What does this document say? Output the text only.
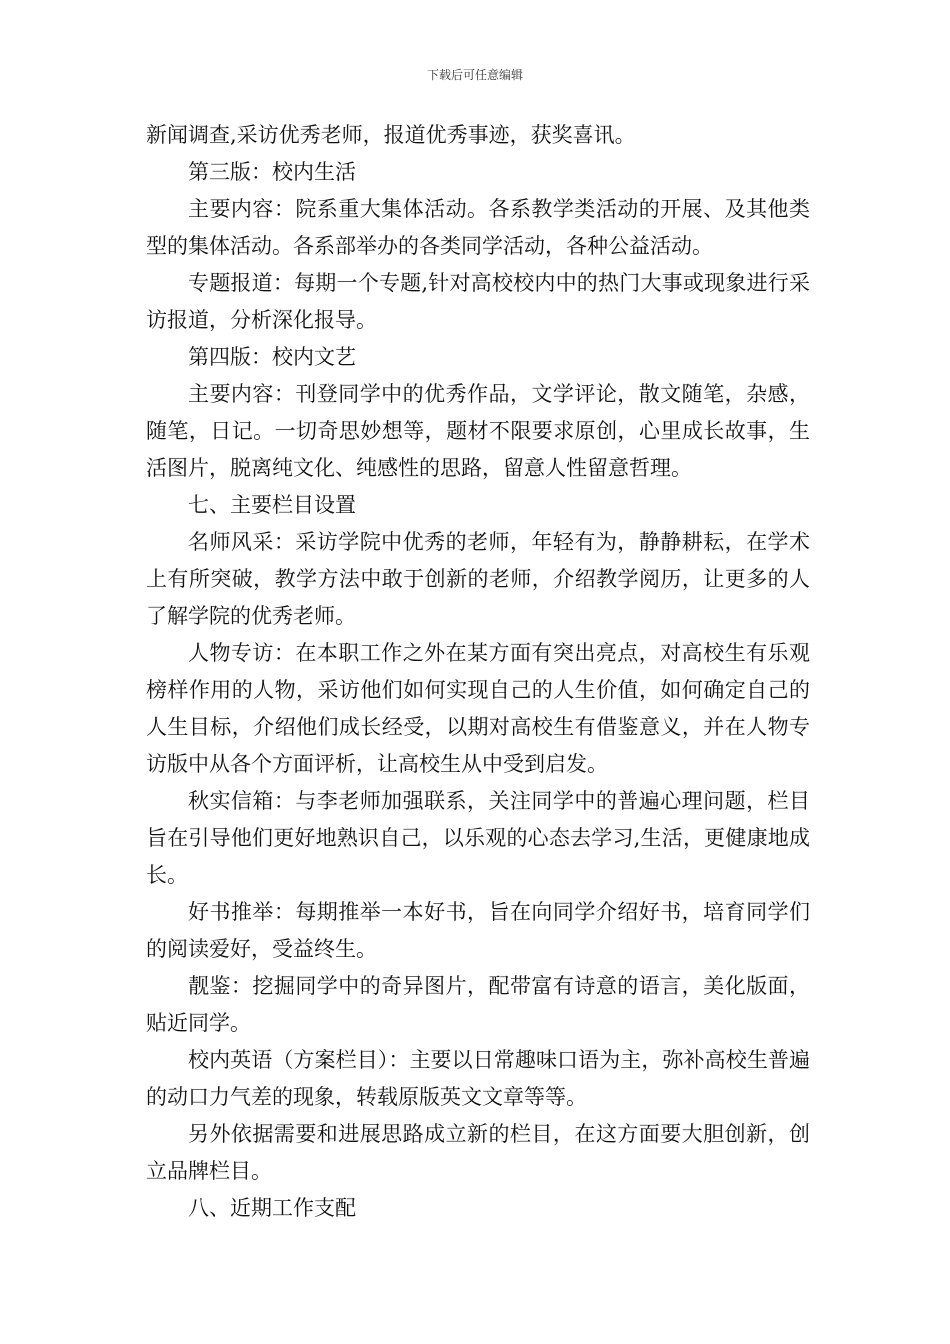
下载后可任意编辑

新闻调查,采访优秀老师，报道优秀事迹，获奖喜讯。

第三版：校内生活

主要内容：院系重大集体活动。各系教学类活动的开展、及其他类型的集体活动。各系部举办的各类同学活动，各种公益活动。

专题报道：每期一个专题,针对高校校内中的热门大事或现象进行采访报道，分析深化报导。

第四版：校内文艺

主要内容：刊登同学中的优秀作品，文学评论，散文随笔，杂感，随笔，日记。一切奇思妙想等，题材不限要求原创，心里成长故事，生活图片，脱离纯文化、纯感性的思路，留意人性留意哲理。

七、主要栏目设置

名师风采：采访学院中优秀的老师，年轻有为，静静耕耘，在学术上有所突破，教学方法中敢于创新的老师，介绍教学阅历，让更多的人了解学院的优秀老师。

人物专访：在本职工作之外在某方面有突出亮点，对高校生有乐观榜样作用的人物，采访他们如何实现自己的人生价值，如何确定自己的人生目标，介绍他们成长经受，以期对高校生有借鉴意义，并在人物专访版中从各个方面评析，让高校生从中受到启发。

秋实信箱：与李老师加强联系，关注同学中的普遍心理问题，栏目旨在引导他们更好地熟识自己，以乐观的心态去学习,生活，更健康地成长。

好书推举：每期推举一本好书，旨在向同学介绍好书，培育同学们的阅读爱好，受益终生。

靓鉴：挖掘同学中的奇异图片，配带富有诗意的语言，美化版面，贴近同学。

校内英语（方案栏目）：主要以日常趣味口语为主，弥补高校生普遍的动口力气差的现象，转载原版英文文章等等。

另外依据需要和进展思路成立新的栏目，在这方面要大胆创新，创立品牌栏目。

八、近期工作支配
